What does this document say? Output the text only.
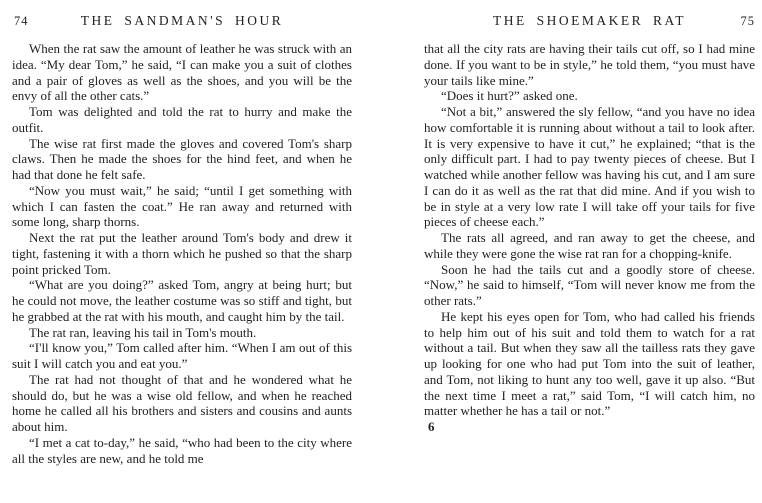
74	THE SANDMAN'S HOUR

When the rat saw the amount of leather he was struck with an idea. “My dear Tom,” he said, “I can make you a suit of clothes and a pair of gloves as well as the shoes, and you will be the envy of all the other cats.”

Tom was delighted and told the rat to hurry and make the outfit.

The wise rat first made the gloves and covered Tom's sharp claws. Then he made the shoes for the hind feet, and when he had that done he felt safe.

“Now you must wait,” he said; “until I get something with which I can fasten the coat.” He ran away and returned with some long, sharp thorns.

Next the rat put the leather around Tom's body and drew it tight, fastening it with a thorn which he pushed so that the sharp point pricked Tom.

“What are you doing?” asked Tom, angry at being hurt; but he could not move, the leather costume was so stiff and tight, but he grabbed at the rat with his mouth, and caught him by the tail.

The rat ran, leaving his tail in Tom's mouth.

“I'll know you,” Tom called after him. “When I am out of this suit I will catch you and eat you.”

The rat had not thought of that and he wondered what he should do, but he was a wise old fellow, and when he reached home he called all his brothers and sisters and cousins and aunts about him.

“I met a cat to-day,” he said, “who had been to the city where all the styles are new, and he told me

THE SHOEMAKER RAT	75

that all the city rats are having their tails cut off, so I had mine done. If you want to be in style,” he told them, “you must have your tails like mine.”

“Does it hurt?” asked one.

“Not a bit,” answered the sly fellow, “and you have no idea how comfortable it is running about without a tail to look after. It is very expensive to have it cut,” he explained; “that is the only difficult part. I had to pay twenty pieces of cheese. But I watched while another fellow was having his cut, and I am sure I can do it as well as the rat that did mine. And if you wish to be in style at a very low rate I will take off your tails for five pieces of cheese each.”

The rats all agreed, and ran away to get the cheese, and while they were gone the wise rat ran for a chopping-knife.

Soon he had the tails cut and a goodly store of cheese. “Now,” he said to himself, “Tom will never know me from the other rats.”

He kept his eyes open for Tom, who had called his friends to help him out of his suit and told them to watch for a rat without a tail. But when they saw all the tailless rats they gave up looking for one who had put Tom into the suit of leather, and Tom, not liking to hunt any too well, gave it up also. “But the next time I meet a rat,” said Tom, “I will catch him, no matter whether he has a tail or not.”

6
